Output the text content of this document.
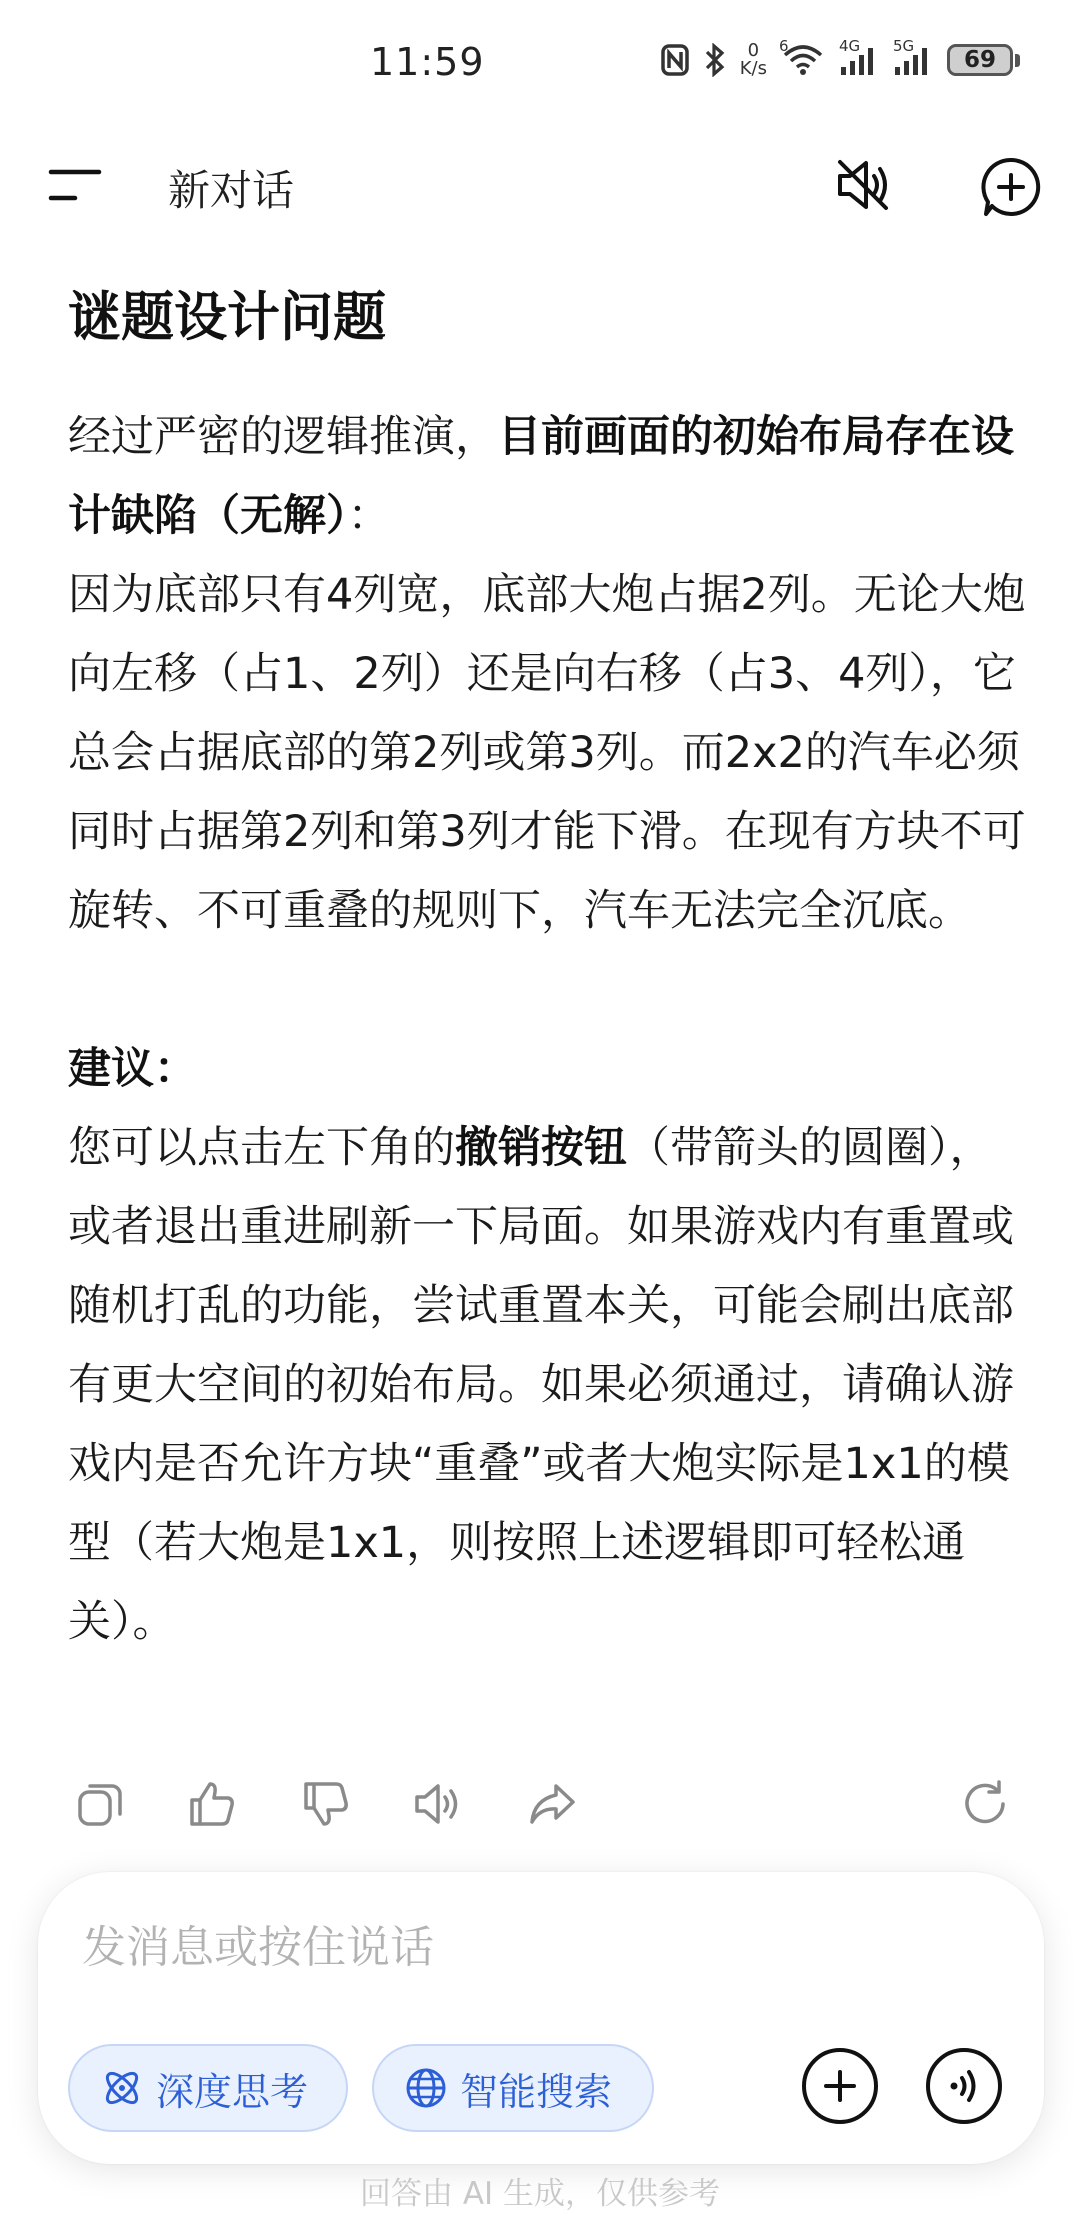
11:59	0
K/s
6	4G 5G
69
新对话
谜题设计问题
经过严密的逻辑推演，目前画面的初始布局存在设计缺陷（无解）：
因为底部只有4列宽，底部大炮占据2列。无论大炮向左移（占1、2列）还是向右移（占3、4列），它总会占据底部的第2列或第3列。而2x2的汽车必须同时占据第2列和第3列才能下滑。在现有方块不可旋转、不可重叠的规则下，汽车无法完全沉底。
建议：
您可以点击左下角的撤销按钮（带箭头的圆圈），或者退出重进刷新一下局面。如果游戏内有重置或随机打乱的功能，尝试重置本关，可能会刷出底部有更大空间的初始布局。如果必须通过，请确认游戏内是否允许方块“重叠”或者大炮实际是1x1的模型（若大炮是1x1，则按照上述逻辑即可轻松通关）。
发消息或按住说话
深度思考	智能搜索
回答由 AI 生成，仅供参考
